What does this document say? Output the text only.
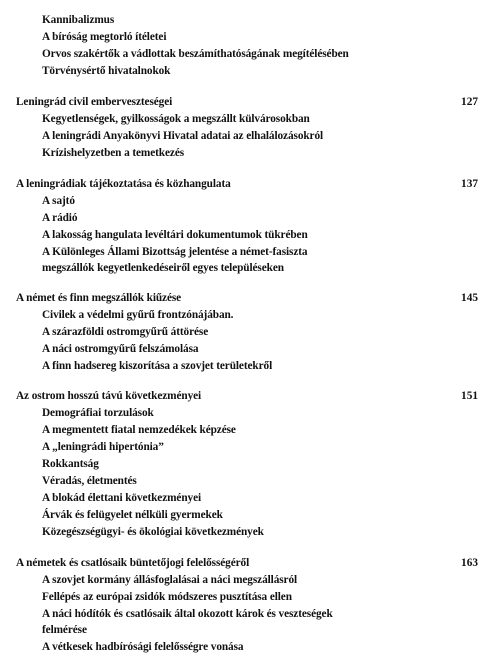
Kannibalizmus
A bíróság megtorló ítéletei
Orvos szakértők a vádlottak beszámíthatóságának megítélésében
Törvénysértő hivatalnokok
Leningrád civil emberveszteségei	127
Kegyetlenségek, gyilkosságok a megszállt külvárosokban
A leningrádi Anyakönyvi Hivatal adatai az elhalálozásokról
Krízishelyzetben a temetkezés
A leningrádiak tájékoztatása és közhangulata	137
A sajtó
A rádió
A lakosság hangulata levéltári dokumentumok tükrében
A Különleges Állami Bizottság jelentése a német-fasiszta
megszállók kegyetlenkedéseiről egyes településeken
A német és finn megszállók kiűzése	145
Civilek a védelmi gyűrű frontzónájában.
A szárazföldi ostromgyűrű áttörése
A náci ostromgyűrű felszámolása
A finn hadsereg kiszorítása a szovjet területekről
Az ostrom hosszú távú következményei	151
Demográfiai torzulások
A megmentett fiatal nemzedékek képzése
A „leningrádi hipertónia”
Rokkantság
Véradás, életmentés
A blokád élettani következményei
Árvák és felügyelet nélküli gyermekek
Közegészségügyi- és ökológiai következmények
A németek és csatlósaik büntetőjogi felelősségéről	163
A szovjet kormány állásfoglalásai a náci megszállásról
Fellépés az európai zsidók módszeres pusztítása ellen
A náci hódítók és csatlósaik által okozott károk és veszteségek
felmérése
A vétkesek hadbírósági felelősségre vonása
